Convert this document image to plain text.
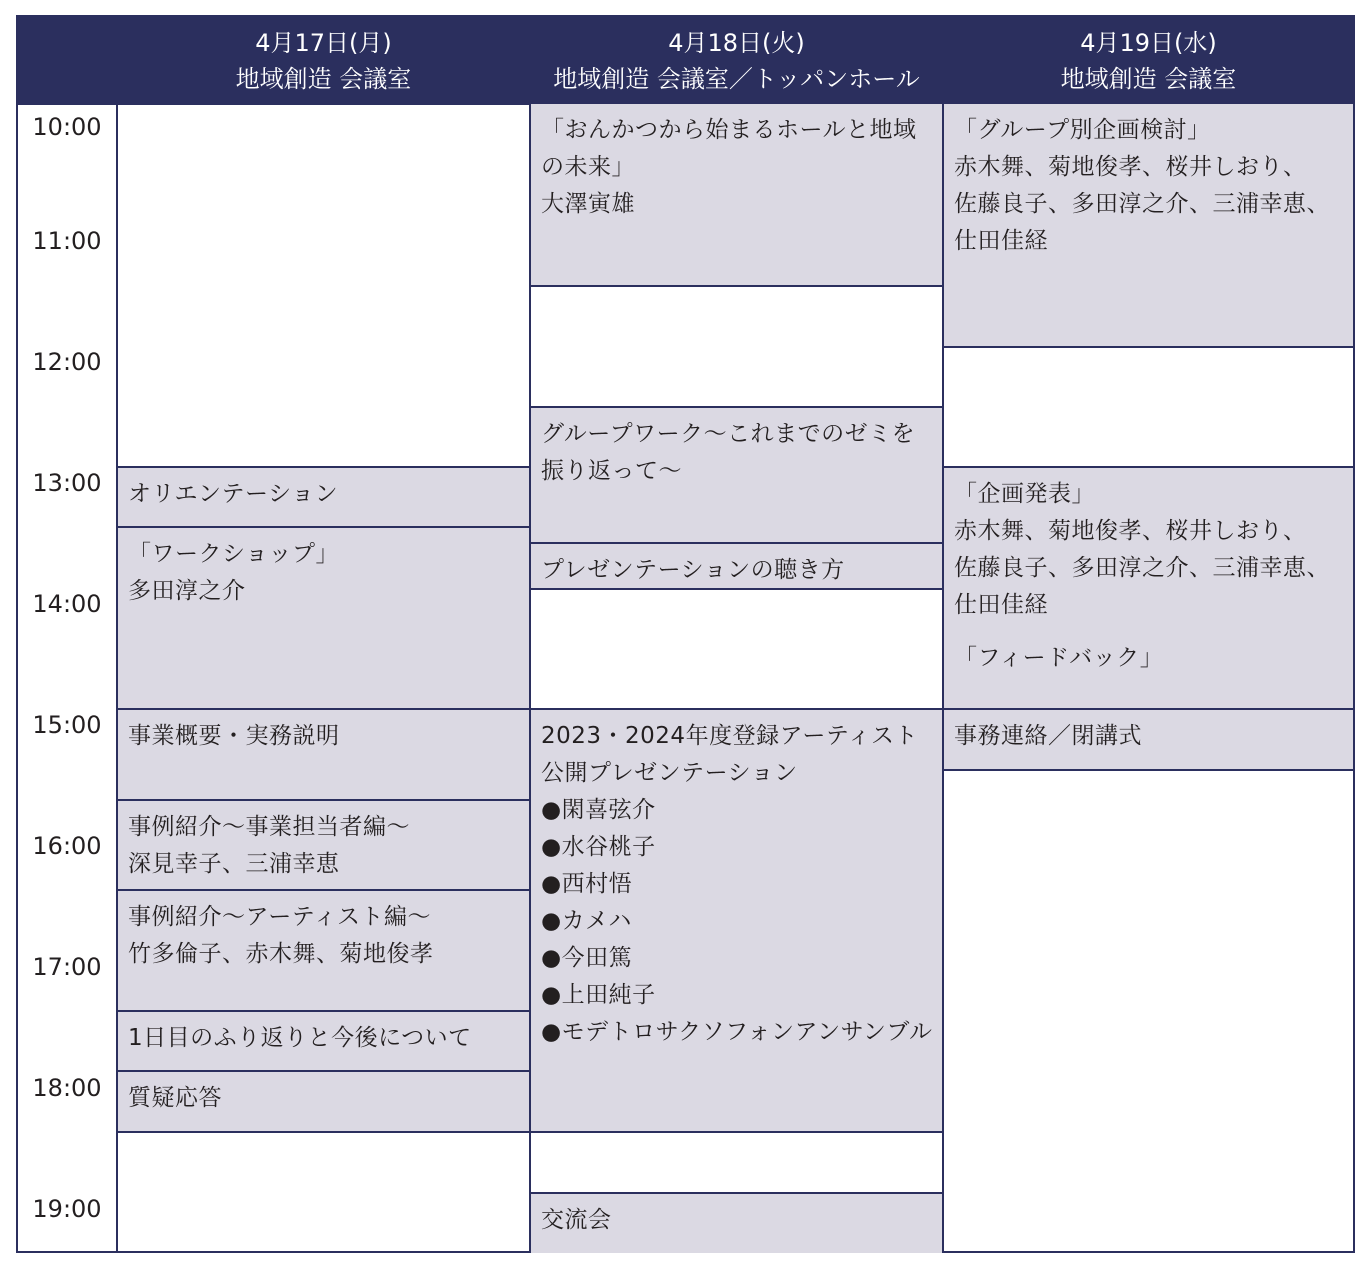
4月17日(月)
地域創造 会議室
4月18日(火)
地域創造 会議室／トッパンホール
4月19日(水)
地域創造 会議室
10:00
11:00
12:00
13:00
14:00
15:00
16:00
17:00
18:00
19:00
オリエンテーション
「ワークショップ」
多田淳之介
事業概要・実務説明
事例紹介〜事業担当者編〜
深見幸子、三浦幸恵
事例紹介〜アーティスト編〜
竹多倫子、赤木舞、菊地俊孝
1日目のふり返りと今後について
質疑応答
「おんかつから始まるホールと地域
の未来」
大澤寅雄
グループワーク〜これまでのゼミを
振り返って〜
プレゼンテーションの聴き方
2023・2024年度登録アーティスト
公開プレゼンテーション
●閑喜弦介
●水谷桃子
●西村悟
●カメハ
●今田篤
●上田純子
●モデトロサクソフォンアンサンブル
交流会
「グループ別企画検討」
赤木舞、菊地俊孝、桜井しおり、
佐藤良子、多田淳之介、三浦幸恵、
仕田佳経
「企画発表」
赤木舞、菊地俊孝、桜井しおり、
佐藤良子、多田淳之介、三浦幸恵、
仕田佳経
「フィードバック」
事務連絡／閉講式
